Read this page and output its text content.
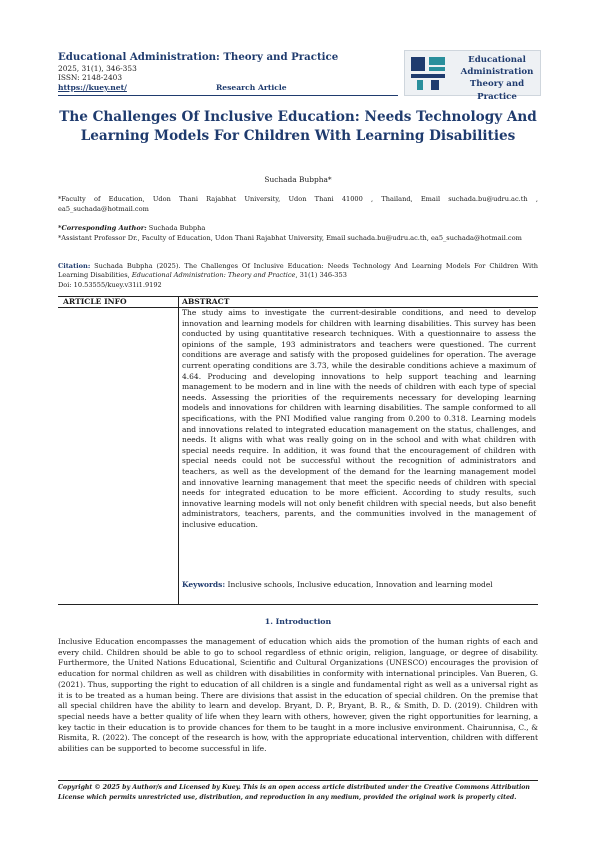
Educational Administration: Theory and Practice
2025, 31(1), 346-353
ISSN: 2148-2403
https://kuey.net/	Research Article
Educational
Administration
Theory and Practice
The Challenges Of Inclusive Education: Needs Technology And Learning Models For Children With Learning Disabilities
Suchada Bubpha*
*Faculty of Education, Udon Thani Rajabhat University, Udon Thani 41000 , Thailand, Email suchada.bu@udru.ac.th , ea5_suchada@hotmail.com
*Corresponding Author: Suchada Bubpha
*Assistant Professor Dr., Faculty of Education, Udon Thani Rajabhat University, Email suchada.bu@udru.ac.th, ea5_suchada@hotmail.com
Citation: Suchada Bubpha (2025). The Challenges Of Inclusive Education: Needs Technology And Learning Models For Children With Learning Disabilities, Educational Administration: Theory and Practice, 31(1) 346-353
Doi: 10.53555/kuey.v31i1.9192
ARTICLE INFO	ABSTRACT
The study aims to investigate the current-desirable conditions, and need to develop innovation and learning models for children with learning disabilities. This survey has been conducted by using quantitative research techniques. With a questionnaire to assess the opinions of the sample, 193 administrators and teachers were questioned. The current conditions are average and satisfy with the proposed guidelines for operation. The average current operating conditions are 3.73, while the desirable conditions achieve a maximum of 4.64. Producing and developing innovations to help support teaching and learning management to be modern and in line with the needs of children with each type of special needs. Assessing the priorities of the requirements necessary for developing learning models and innovations for children with learning disabilities. The sample conformed to all specifications, with the PNI Modified value ranging from 0.200 to 0.318. Learning models and innovations related to integrated education management on the status, challenges, and needs. It aligns with what was really going on in the school and with what children with special needs require. In addition, it was found that the encouragement of children with special needs could not be successful without the recognition of administrators and teachers, as well as the development of the demand for the learning management model and innovative learning management that meet the specific needs of children with special needs for integrated education to be more efficient. According to study results, such innovative learning models will not only benefit children with special needs, but also benefit administrators, teachers, parents, and the communities involved in the management of inclusive education.
Keywords: Inclusive schools, Inclusive education, Innovation and learning model
1. Introduction
Inclusive Education encompasses the management of education which aids the promotion of the human rights of each and every child. Children should be able to go to school regardless of ethnic origin, religion, language, or degree of disability. Furthermore, the United Nations Educational, Scientific and Cultural Organizations (UNESCO) encourages the provision of education for normal children as well as children with disabilities in conformity with international principles. Van Bueren, G. (2021). Thus, supporting the right to education of all children is a single and fundamental right as well as a universal right as it is to be treated as a human being. There are divisions that assist in the education of special children. On the premise that all special children have the ability to learn and develop. Bryant, D. P., Bryant, B. R., & Smith, D. D. (2019). Children with special needs have a better quality of life when they learn with others, however, given the right opportunities for learning, a key tactic in their education is to provide chances for them to be taught in a more inclusive environment. Chairunnisa, C., & Rismita, R. (2022). The concept of the research is how, with the appropriate educational intervention, children with different abilities can be supported to become successful in life.
Copyright © 2025 by Author/s and Licensed by Kuey. This is an open access article distributed under the Creative Commons Attribution
License which permits unrestricted use, distribution, and reproduction in any medium, provided the original work is properly cited.
